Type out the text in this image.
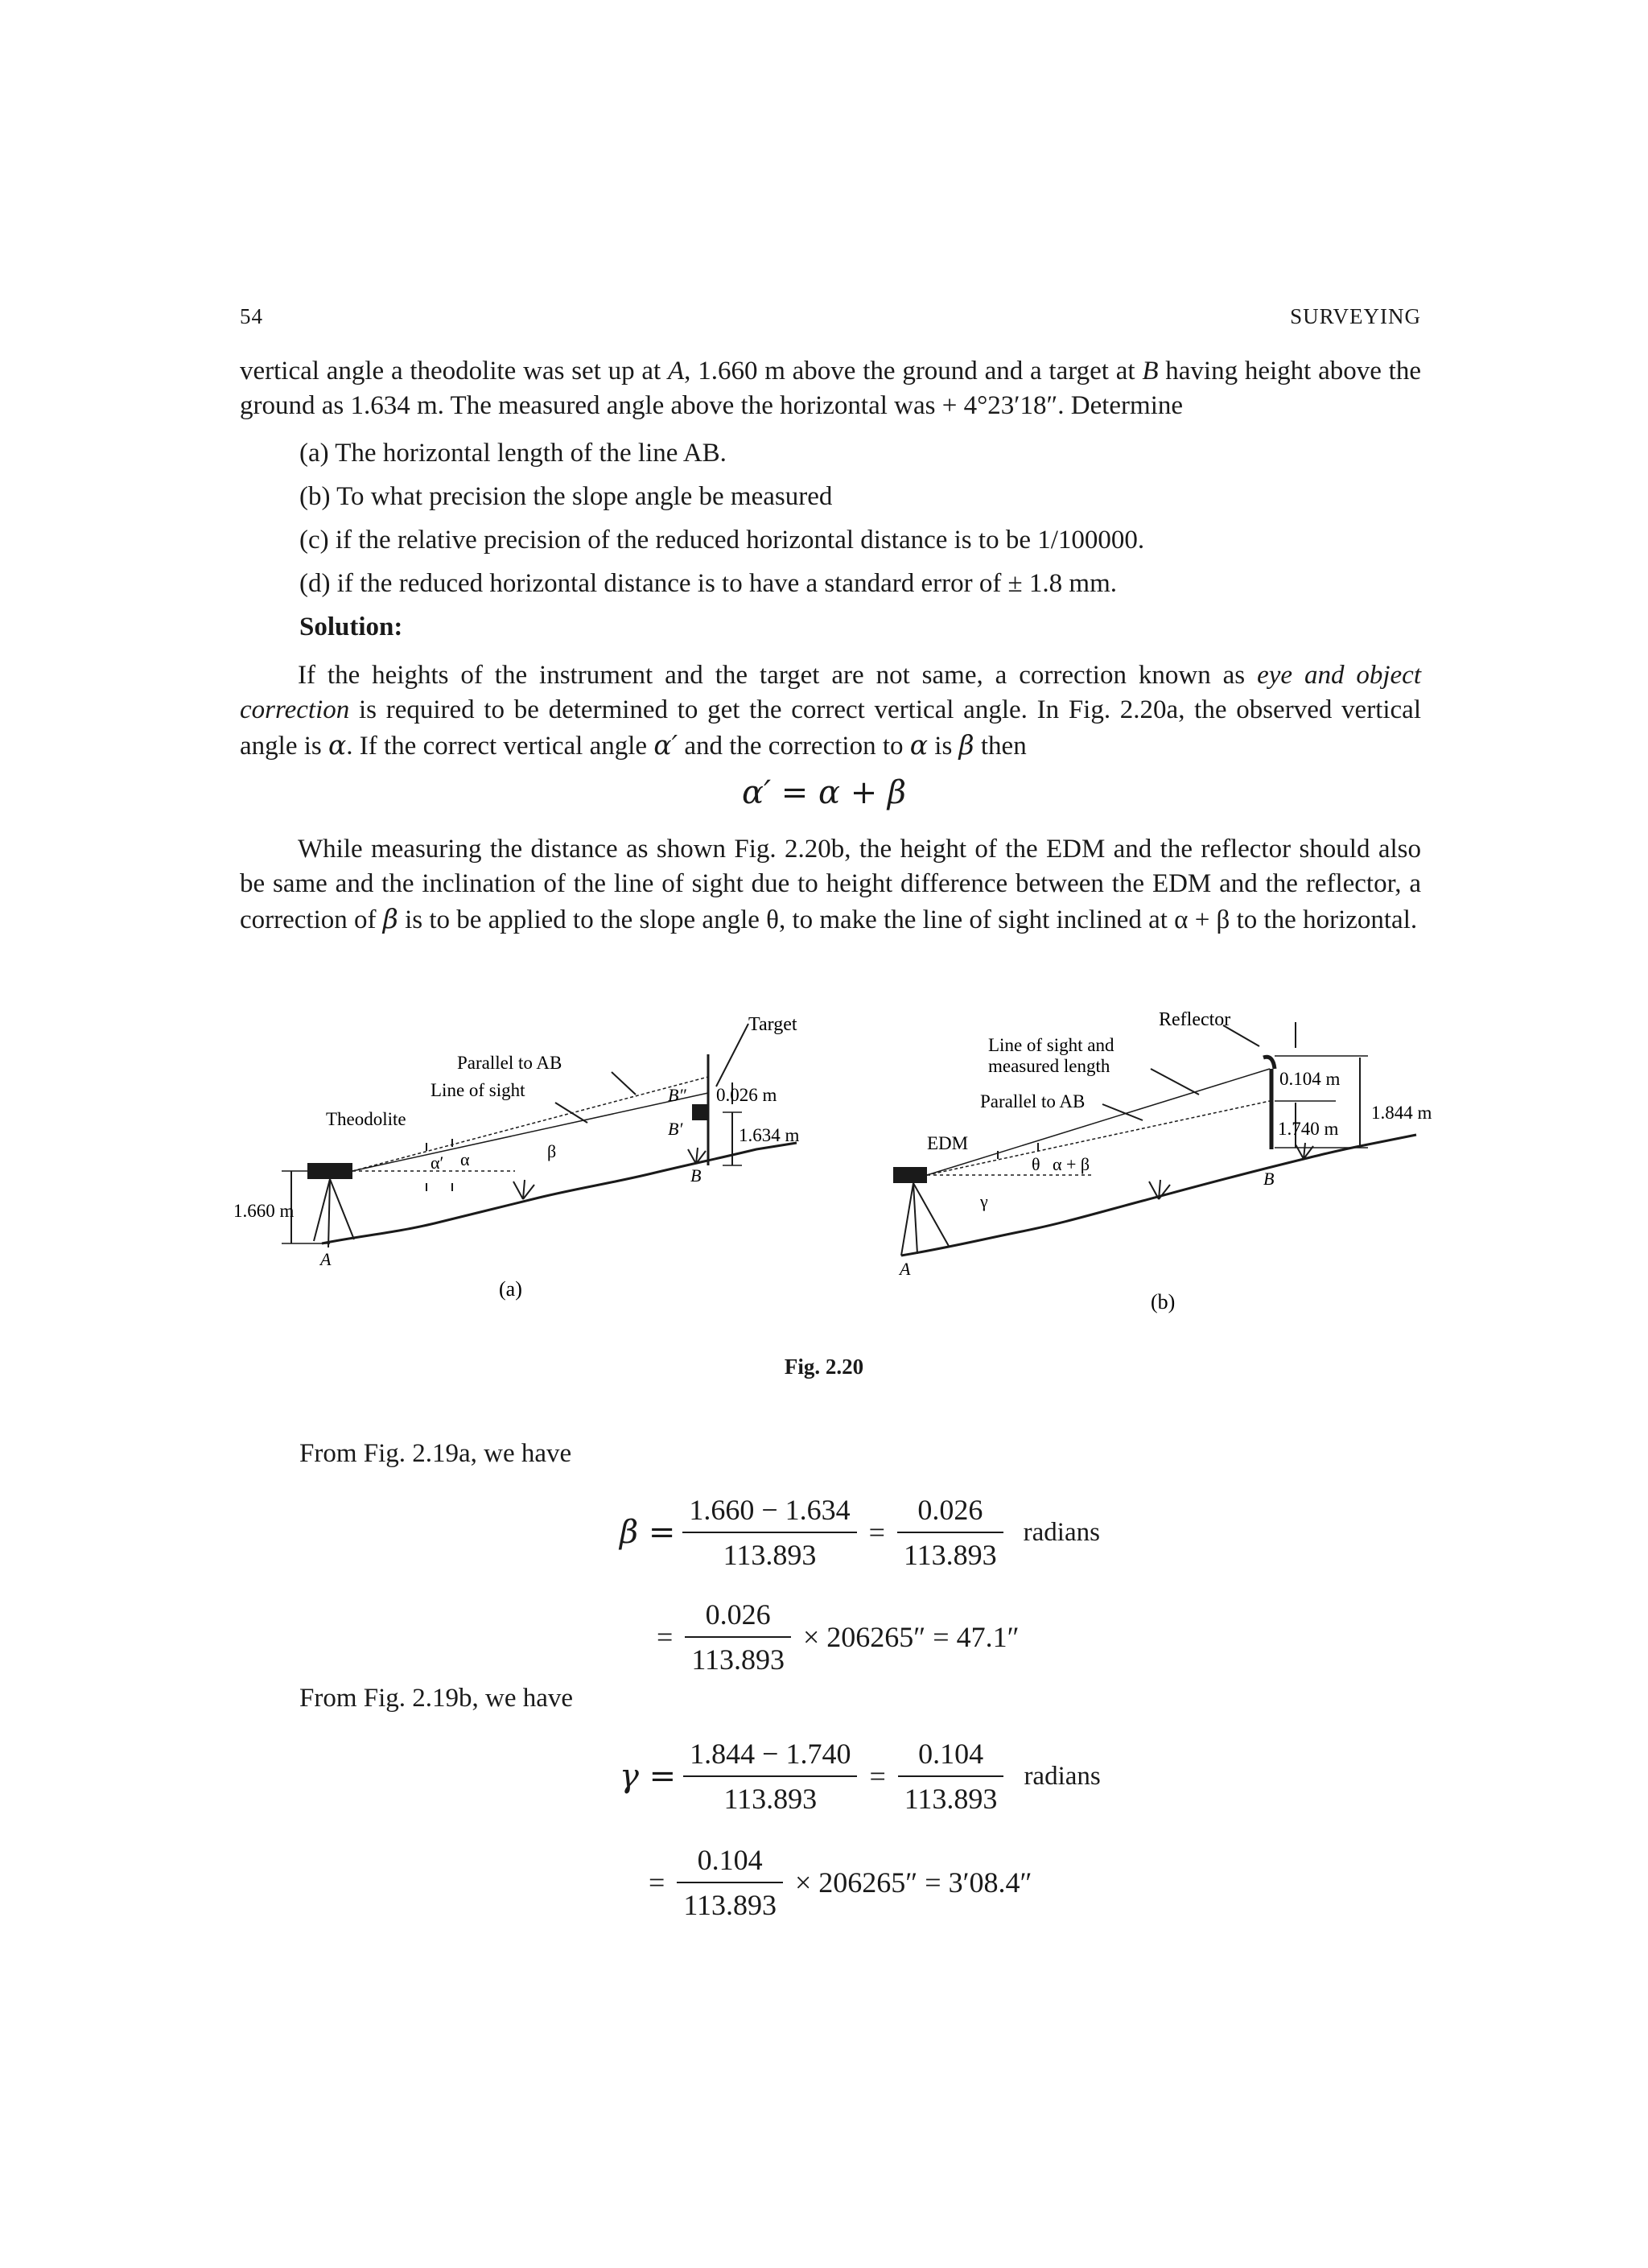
54	SURVEYING

vertical angle a theodolite was set up at A, 1.660 m above the ground and a target at B having height above the ground as 1.634 m. The measured angle above the horizontal was + 4°23′18″. Determine

(a) The horizontal length of the line AB.
(b) To what precision the slope angle be measured
(c) if the relative precision of the reduced horizontal distance is to be 1/100000.
(d) if the reduced horizontal distance is to have a standard error of ± 1.8 mm.
Solution:

If the heights of the instrument and the target are not same, a correction known as eye and object correction is required to be determined to get the correct vertical angle. In Fig. 2.20a, the observed vertical angle is α. If the correct vertical angle α′ and the correction to α is β then

α′ = α + β

While measuring the distance as shown Fig. 2.20b, the height of the EDM and the reflector should also be same and the inclination of the line of sight due to height difference between the EDM and the reflector, a correction of β is to be applied to the slope angle θ, to make the line of sight inclined at α + β to the horizontal.

Target
Parallel to AB
Line of sight
Theodolite
B″
B′
B
0.026 m
1.634 m
1.660 m
A
α′ α	β
(a)
Reflector
Line of sight and
measured length
Parallel to AB
EDM
θ α + β
γ
A
B
0.104 m
1.844 m
1.740 m
(b)
Fig. 2.20
From Fig. 2.19a, we have
$\beta = \frac{1.660 - 1.634}{113.893} = \frac{0.026}{113.893}$ radians
= $\frac{0.026}{113.893} \times 206265'' = 47.1''$
From Fig. 2.19b, we have
$\gamma = \frac{1.844 - 1.740}{113.893} = \frac{0.104}{113.893}$ radians
= $\frac{0.104}{113.893} \times 206265'' = 3'08.4''$
